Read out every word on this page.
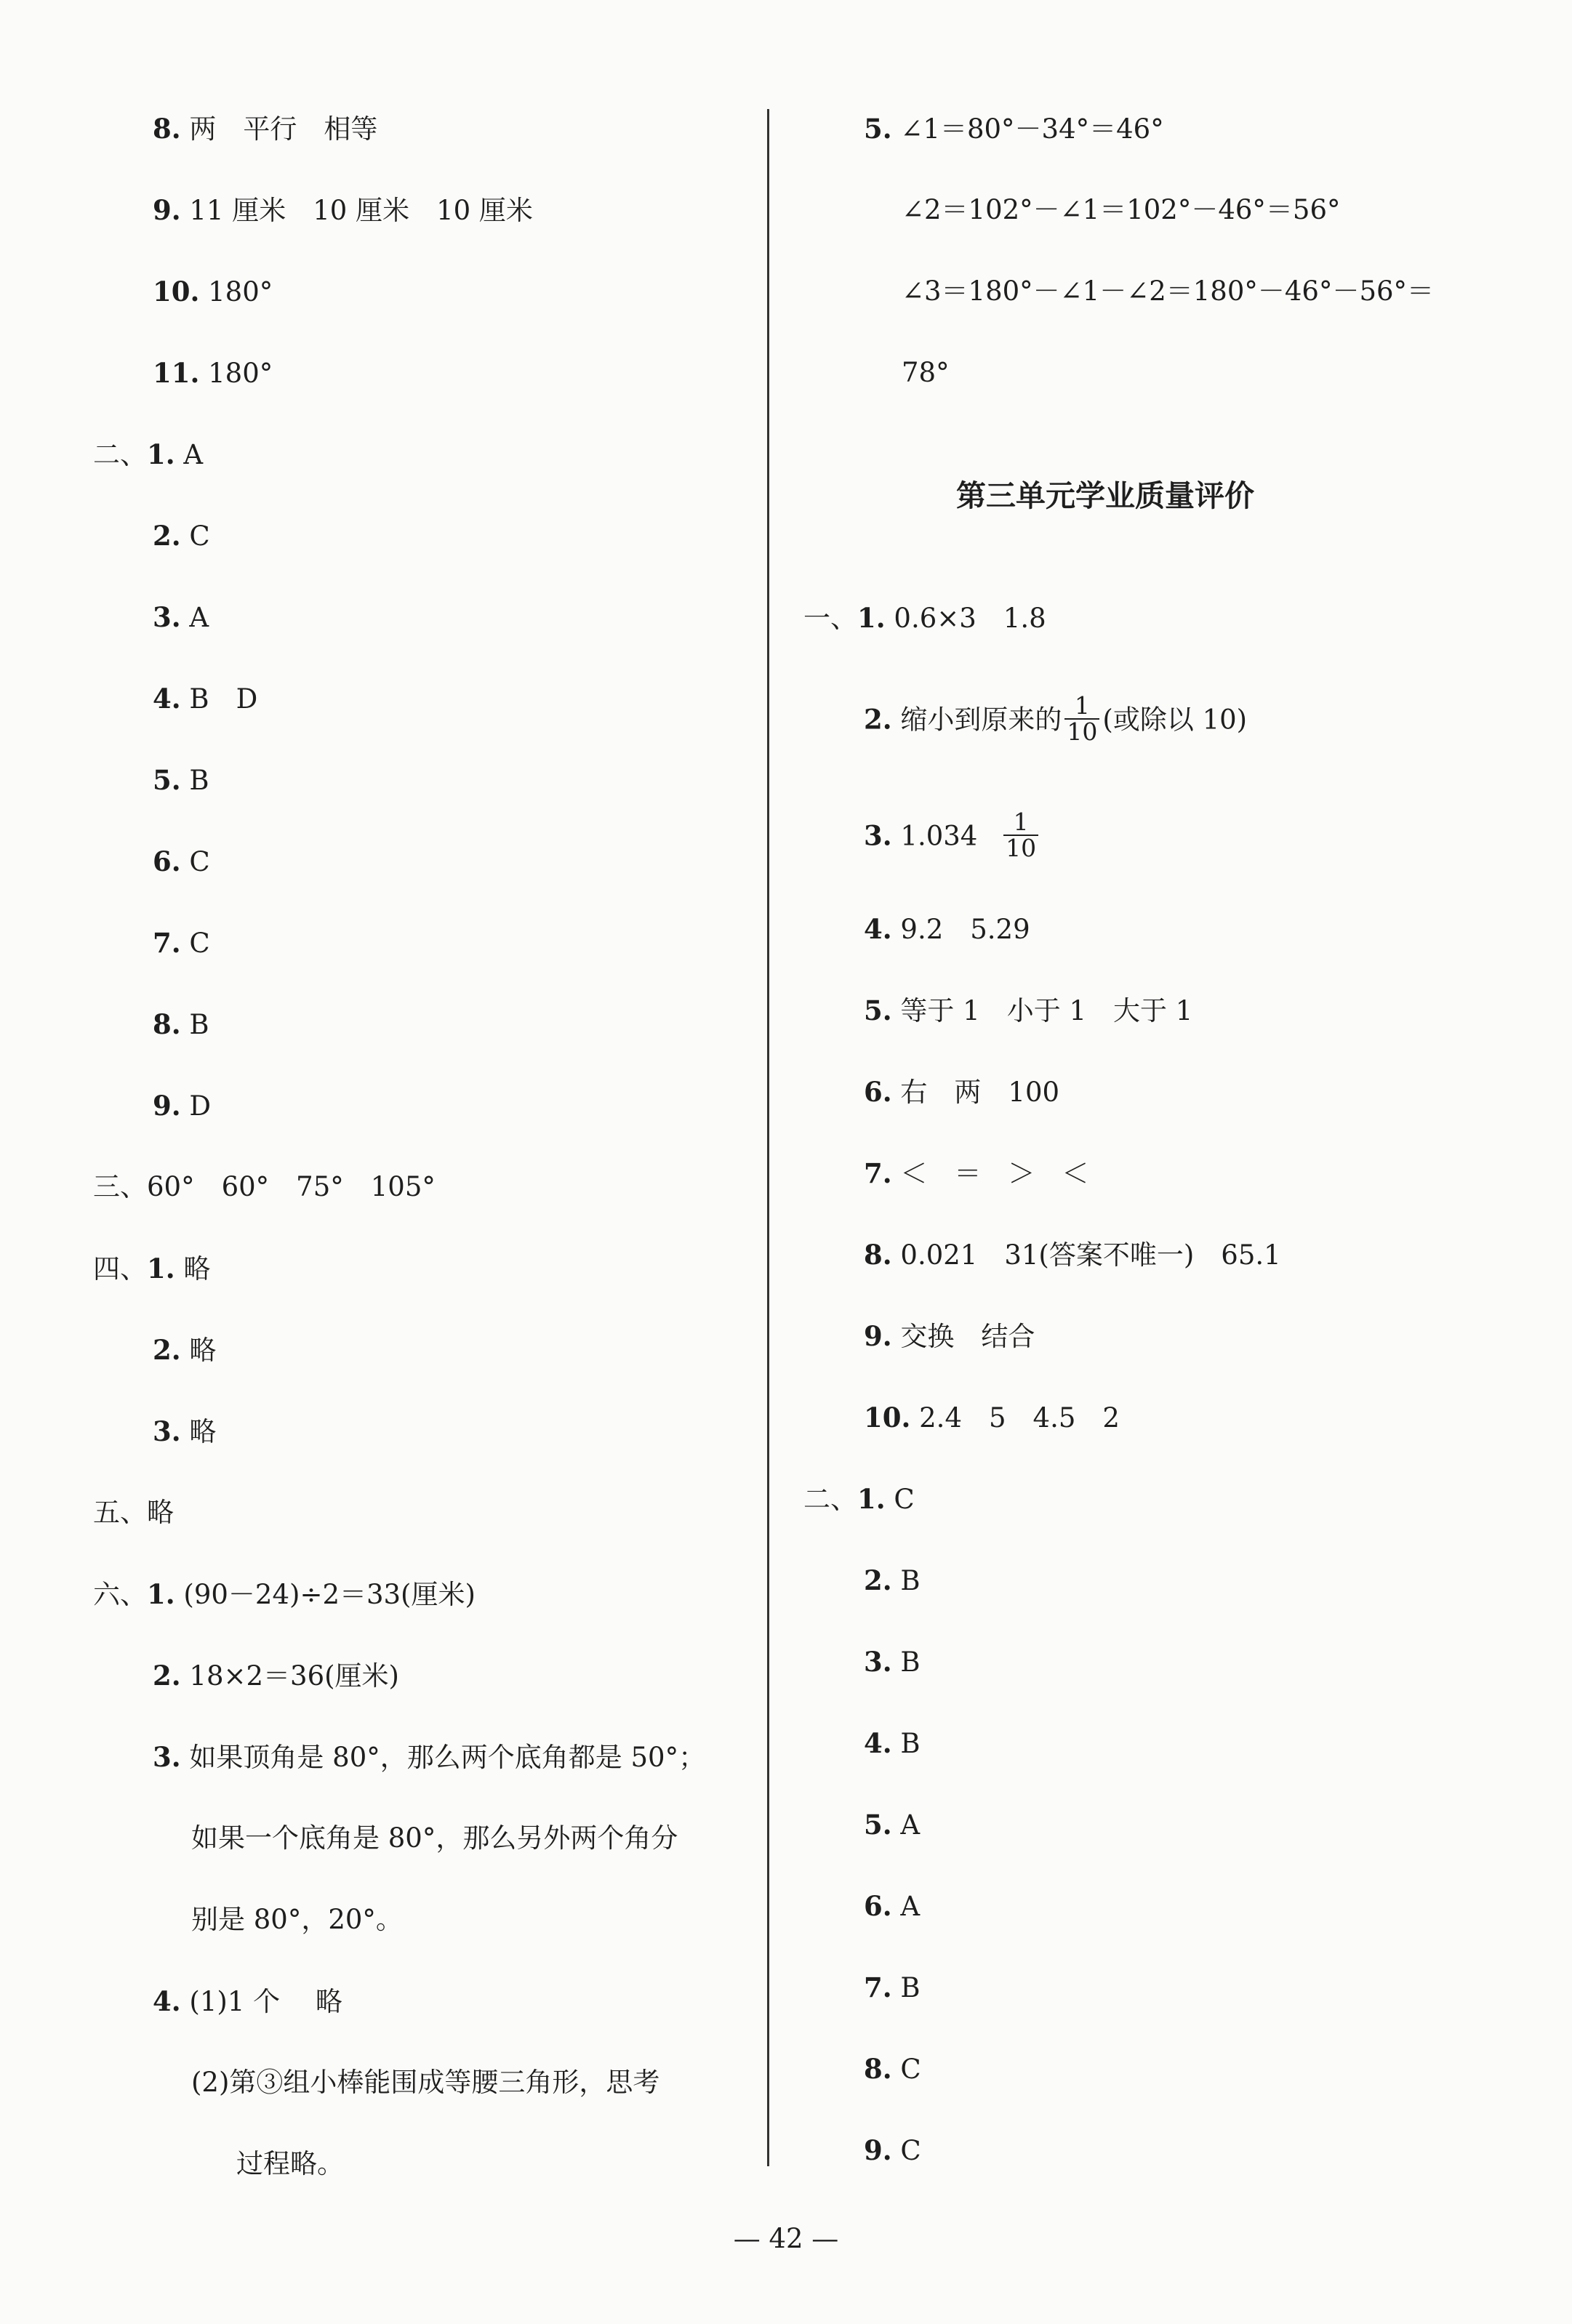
8. 两　平行　相等
9. 11 厘米　10 厘米　10 厘米
10. 180°
11. 180°
二、1. A
2. C
3. A
4. B　D
5. B
6. C
7. C
8. B
9. D
三、60°　60°　75°　105°
四、1. 略
2. 略
3. 略
五、略
六、1. (90－24)÷2＝33(厘米)
2. 18×2＝36(厘米)
3. 如果顶角是 80°，那么两个底角都是 50°；
如果一个底角是 80°，那么另外两个角分
别是 80°，20°。
4. (1)1 个　 略
(2)第③组小棒能围成等腰三角形，思考
过程略。
5. ∠1＝80°－34°＝46°
∠2＝102°－∠1＝102°－46°＝56°
∠3＝180°－∠1－∠2＝180°－46°－56°＝
78°
第三单元学业质量评价
一、1. 0.6×3　1.8
2. 缩小到原来的 $\frac{1}{10}$ (或除以 10)
3. $1.034 \frac{1}{10}$
4. 9.2　5.29
5. 等于 1　小于 1　大于 1
6. 右　两　100
7. ＜　＝　＞　＜
8. 0.021　31(答案不唯一)　65.1
9. 交换　结合
10. 2.4　5　4.5　2
二、1. C
2. B
3. B
4. B
5. A
6. A
7. B
8. C
9. C
— 42 —
